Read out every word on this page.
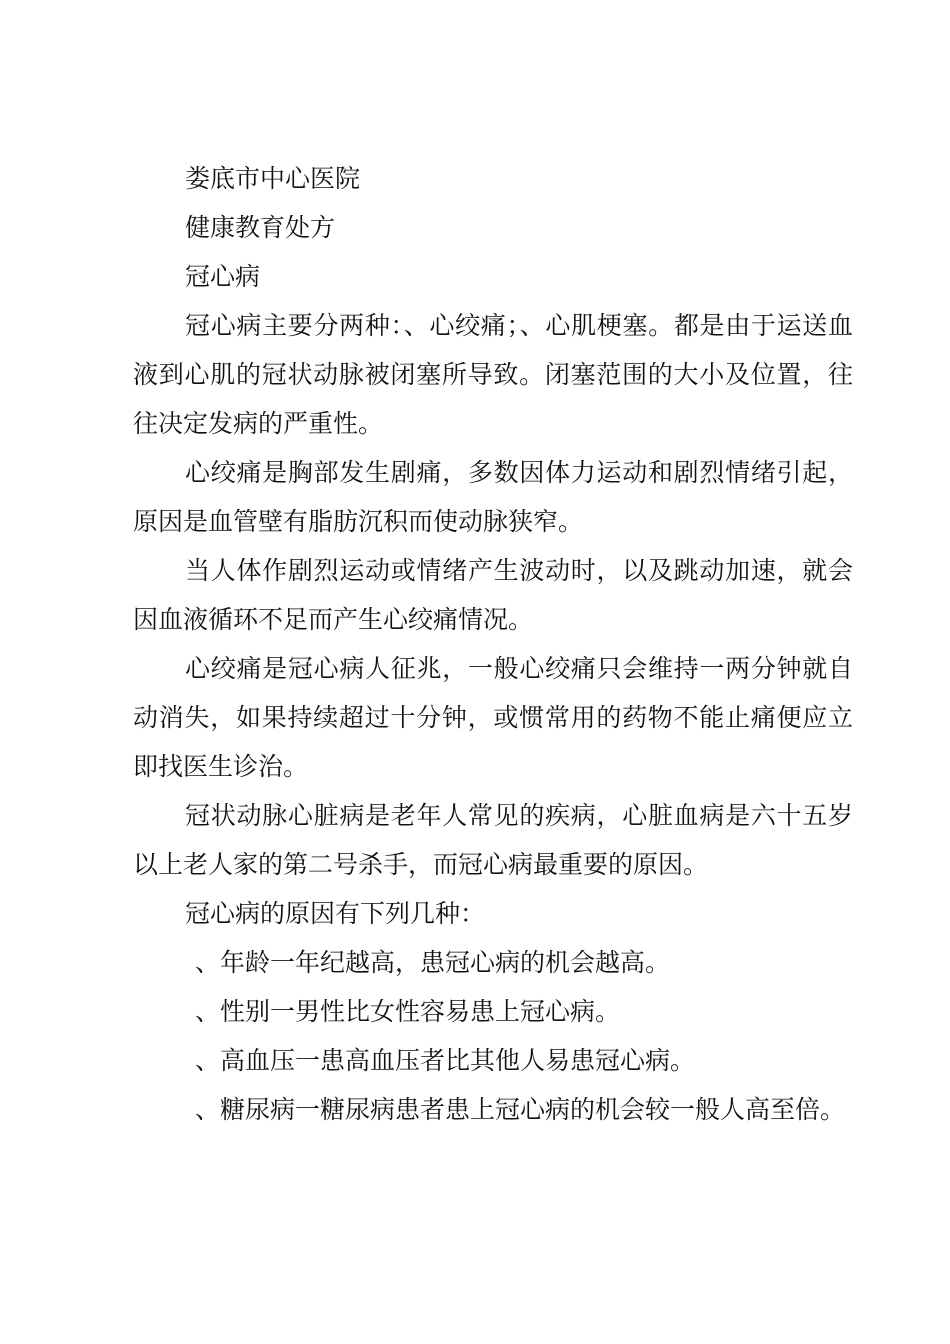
娄底市中心医院

健康教育处方

冠心病

冠心病主要分两种：、心绞痛；、心肌梗塞。都是由于运送血液到心肌的冠状动脉被闭塞所导致。闭塞范围的大小及位置，往往决定发病的严重性。

心绞痛是胸部发生剧痛，多数因体力运动和剧烈情绪引起，原因是血管壁有脂肪沉积而使动脉狭窄。

当人体作剧烈运动或情绪产生波动时，以及跳动加速，就会因血液循环不足而产生心绞痛情况。

心绞痛是冠心病人征兆，一般心绞痛只会维持一两分钟就自动消失，如果持续超过十分钟，或惯常用的药物不能止痛便应立即找医生诊治。

冠状动脉心脏病是老年人常见的疾病，心脏血病是六十五岁以上老人家的第二号杀手，而冠心病最重要的原因。

冠心病的原因有下列几种：

、年龄一年纪越高，患冠心病的机会越高。

、性别一男性比女性容易患上冠心病。

、高血压一患高血压者比其他人易患冠心病。

、糖尿病一糖尿病患者患上冠心病的机会较一般人高至倍。
